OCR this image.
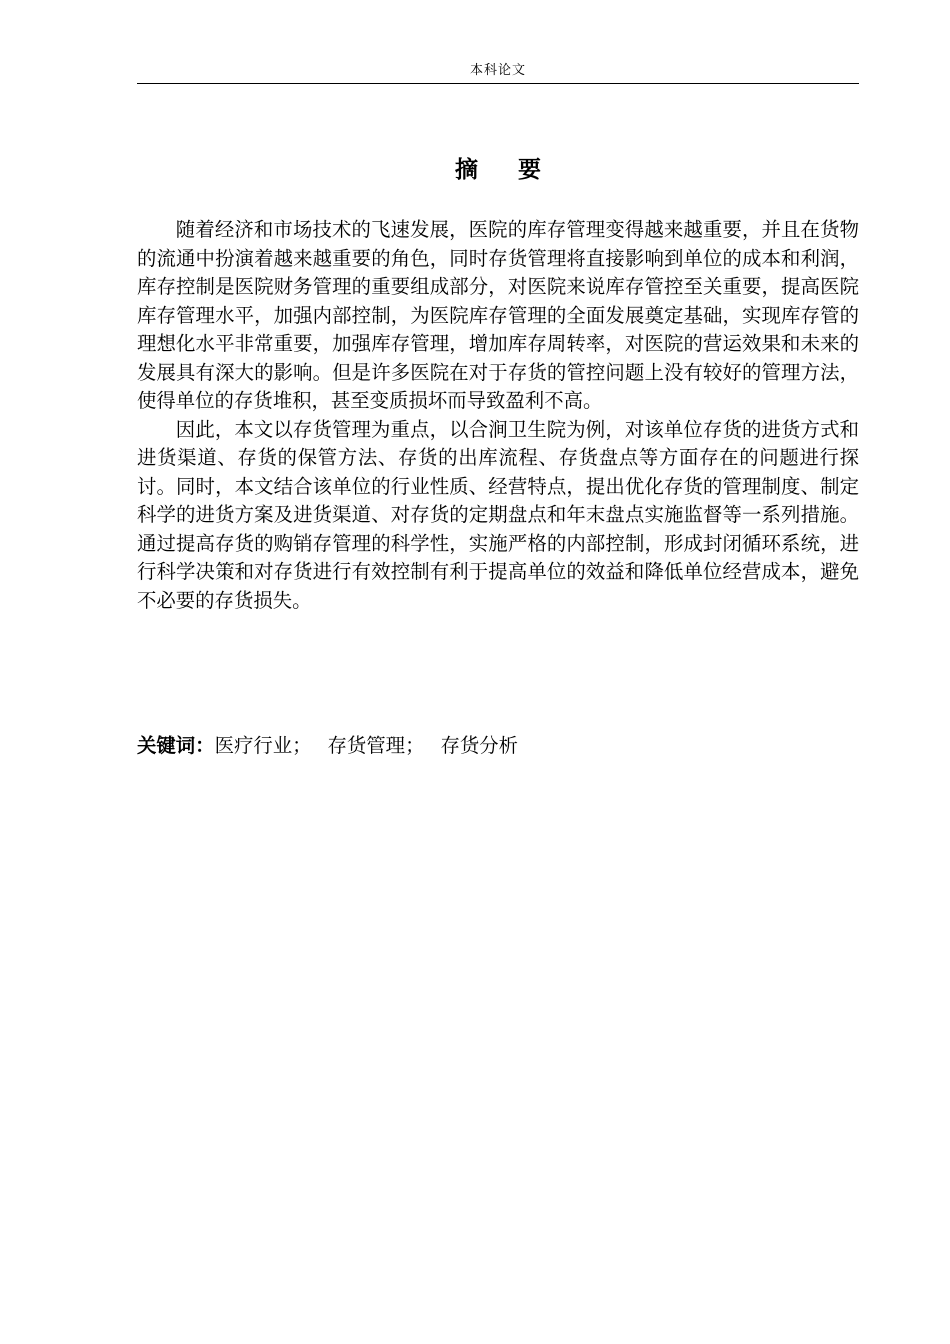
本科论文
摘 要

随着经济和市场技术的飞速发展，医院的库存管理变得越来越重要，并且在货物的流通中扮演着越来越重要的角色，同时存货管理将直接影响到单位的成本和利润，库存控制是医院财务管理的重要组成部分，对医院来说库存管控至关重要，提高医院库存管理水平，加强内部控制，为医院库存管理的全面发展奠定基础，实现库存管的理想化水平非常重要，加强库存管理，增加库存周转率，对医院的营运效果和未来的发展具有深大的影响。但是许多医院在对于存货的管控问题上没有较好的管理方法，使得单位的存货堆积，甚至变质损坏而导致盈利不高。

因此，本文以存货管理为重点，以合涧卫生院为例，对该单位存货的进货方式和进货渠道、存货的保管方法、存货的出库流程、存货盘点等方面存在的问题进行探讨。同时，本文结合该单位的行业性质、经营特点，提出优化存货的管理制度、制定科学的进货方案及进货渠道、对存货的定期盘点和年末盘点实施监督等一系列措施。通过提高存货的购销存管理的科学性，实施严格的内部控制，形成封闭循环系统，进行科学决策和对存货进行有效控制有利于提高单位的效益和降低单位经营成本，避免不必要的存货损失。

关键词：医疗行业； 存货管理； 存货分析
